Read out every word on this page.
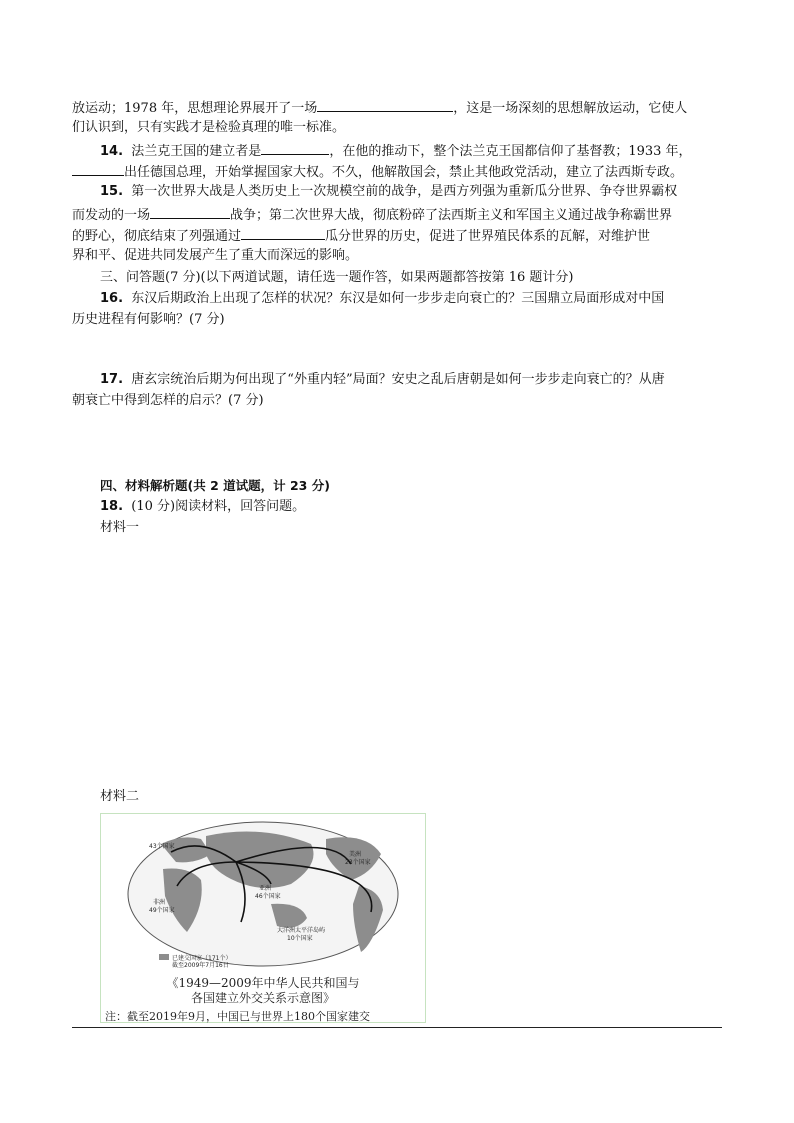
放运动；1978 年，思想理论界展开了一场	，这是一场深刻的思想解放运动，它使人
们认识到，只有实践才是检验真理的唯一标准。
14. 法兰克王国的建立者是	，在他的推动下，整个法兰克王国都信仰了基督教；1933 年，
出任德国总理，开始掌握国家大权。不久，他解散国会，禁止其他政党活动，建立了法西斯专政。
15. 第一次世界大战是人类历史上一次规模空前的战争，是西方列强为重新瓜分世界、争夺世界霸权
而发动的一场	战争；第二次世界大战，彻底粉碎了法西斯主义和军国主义通过战争称霸世界
的野心，彻底结束了列强通过	瓜分世界的历史，促进了世界殖民体系的瓦解，对维护世
界和平、促进共同发展产生了重大而深远的影响。
三、问答题(7 分)(以下两道试题，请任选一题作答，如果两题都答按第 16 题计分)
16. 东汉后期政治上出现了怎样的状况？东汉是如何一步步走向衰亡的？三国鼎立局面形成对中国
历史进程有何影响？(7 分)
17. 唐玄宗统治后期为何出现了“外重内轻”局面？安史之乱后唐朝是如何一步步走向衰亡的？从唐
朝衰亡中得到怎样的启示？(7 分)
四、材料解析题(共 2 道试题，计 23 分)
18. (10 分)阅读材料，回答问题。
材料一
材料二
43个国家
非洲
49个国家
亚洲
46个国家
美洲
23个国家
大洋洲太平洋岛屿
10个国家
已建交国家（171个）
截至2009年7月16日
《1949—2009年中华人民共和国与
各国建立外交关系示意图》
注：截至2019年9月，中国已与世界上180个国家建交
